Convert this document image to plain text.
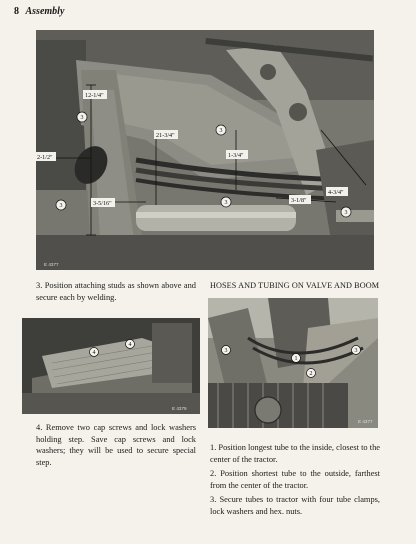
8 Assembly
12-1/4"
21-3/4"
1-3/4"
2-1/2"
3-5/16"
4-3/4"
3-1/8"
3
3
3
3
3
E 4377
3. Position attaching studs as shown above and secure each by welding.
HOSES AND TUBING ON VALVE AND BOOM
4
4
E 4379
4. Remove two cap screws and lock washers holding step. Save cap screws and lock washers; they will be used to secure special step.
1
2
3	3
E 4377
1. Position longest tube to the inside, closest to the center of the tractor.
2. Position shortest tube to the outside, farthest from the center of the tractor.
3. Secure tubes to tractor with four tube clamps, lock washers and hex. nuts.
